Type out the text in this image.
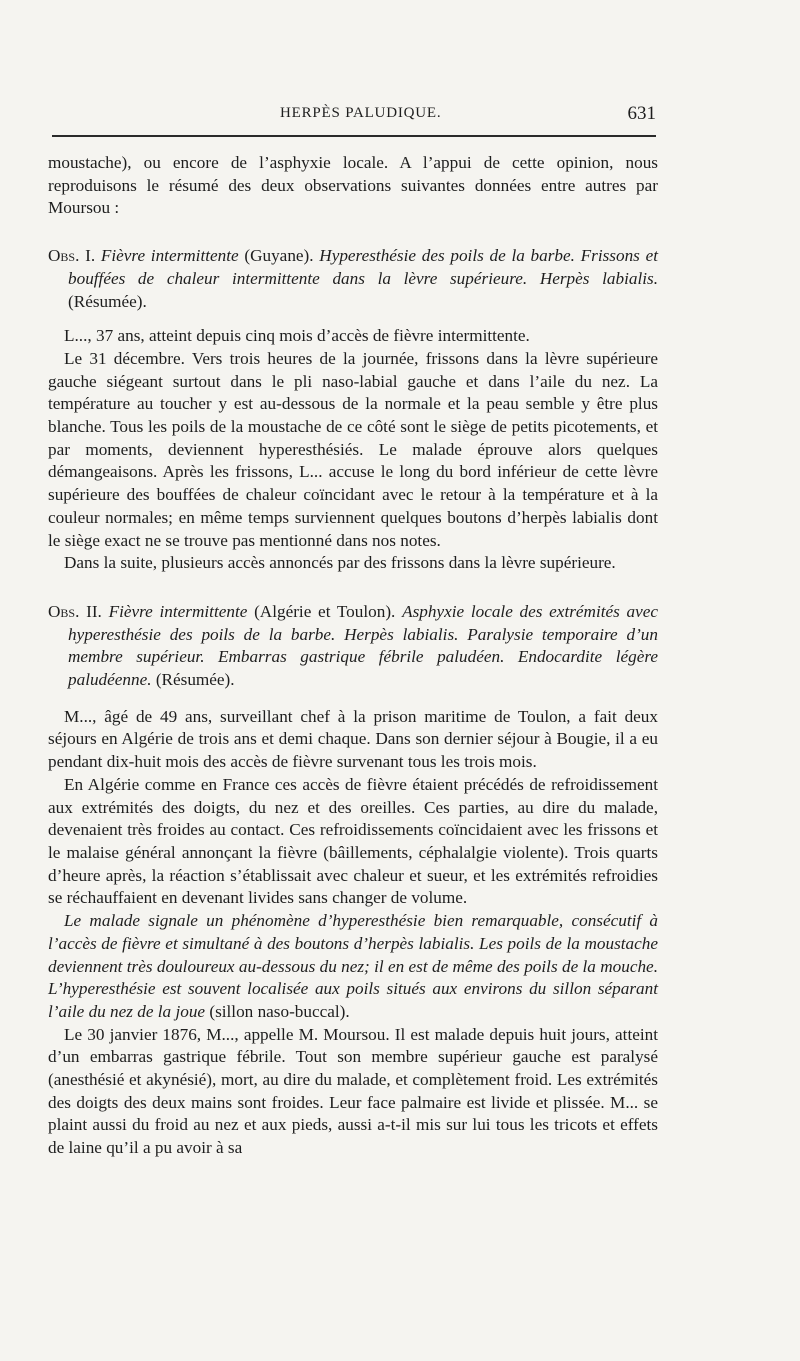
HERPÈS PALUDIQUE.	631

moustache), ou encore de l’asphyxie locale. A l’appui de cette opinion, nous reproduisons le résumé des deux observations suivantes données entre autres par Moursou :

Obs. I. Fièvre intermittente (Guyane). Hyperesthésie des poils de la barbe. Frissons et bouffées de chaleur intermittente dans la lèvre supérieure. Herpès labialis. (Résumée).

L..., 37 ans, atteint depuis cinq mois d’accès de fièvre intermittente.

Le 31 décembre. Vers trois heures de la journée, frissons dans la lèvre supérieure gauche siégeant surtout dans le pli naso-labial gauche et dans l’aile du nez. La température au toucher y est au-dessous de la normale et la peau semble y être plus blanche. Tous les poils de la moustache de ce côté sont le siège de petits picotements, et par moments, deviennent hyperesthésiés. Le malade éprouve alors quelques démangeaisons. Après les frissons, L... accuse le long du bord inférieur de cette lèvre supérieure des bouffées de chaleur coïncidant avec le retour à la température et à la couleur normales; en même temps surviennent quelques boutons d’herpès labialis dont le siège exact ne se trouve pas mentionné dans nos notes.

Dans la suite, plusieurs accès annoncés par des frissons dans la lèvre supérieure.

Obs. II. Fièvre intermittente (Algérie et Toulon). Asphyxie locale des extrémités avec hyperesthésie des poils de la barbe. Herpès labialis. Paralysie temporaire d’un membre supérieur. Embarras gastrique fébrile paludéen. Endocardite légère paludéenne. (Résumée).

M..., âgé de 49 ans, surveillant chef à la prison maritime de Toulon, a fait deux séjours en Algérie de trois ans et demi chaque. Dans son dernier séjour à Bougie, il a eu pendant dix-huit mois des accès de fièvre survenant tous les trois mois.

En Algérie comme en France ces accès de fièvre étaient précédés de refroidissement aux extrémités des doigts, du nez et des oreilles. Ces parties, au dire du malade, devenaient très froides au contact. Ces refroidissements coïncidaient avec les frissons et le malaise général annonçant la fièvre (bâillements, céphalalgie violente). Trois quarts d’heure après, la réaction s’établissait avec chaleur et sueur, et les extrémités refroidies se réchauffaient en devenant livides sans changer de volume.

Le malade signale un phénomène d’hyperesthésie bien remarquable, consécutif à l’accès de fièvre et simultané à des boutons d’herpès labialis. Les poils de la moustache deviennent très douloureux au-dessous du nez; il en est de même des poils de la mouche. L’hyperesthésie est souvent localisée aux poils situés aux environs du sillon séparant l’aile du nez de la joue (sillon naso-buccal).

Le 30 janvier 1876, M..., appelle M. Moursou. Il est malade depuis huit jours, atteint d’un embarras gastrique fébrile. Tout son membre supérieur gauche est paralysé (anesthésié et akynésié), mort, au dire du malade, et complètement froid. Les extrémités des doigts des deux mains sont froides. Leur face palmaire est livide et plissée. M... se plaint aussi du froid au nez et aux pieds, aussi a-t-il mis sur lui tous les tricots et effets de laine qu’il a pu avoir à sa
